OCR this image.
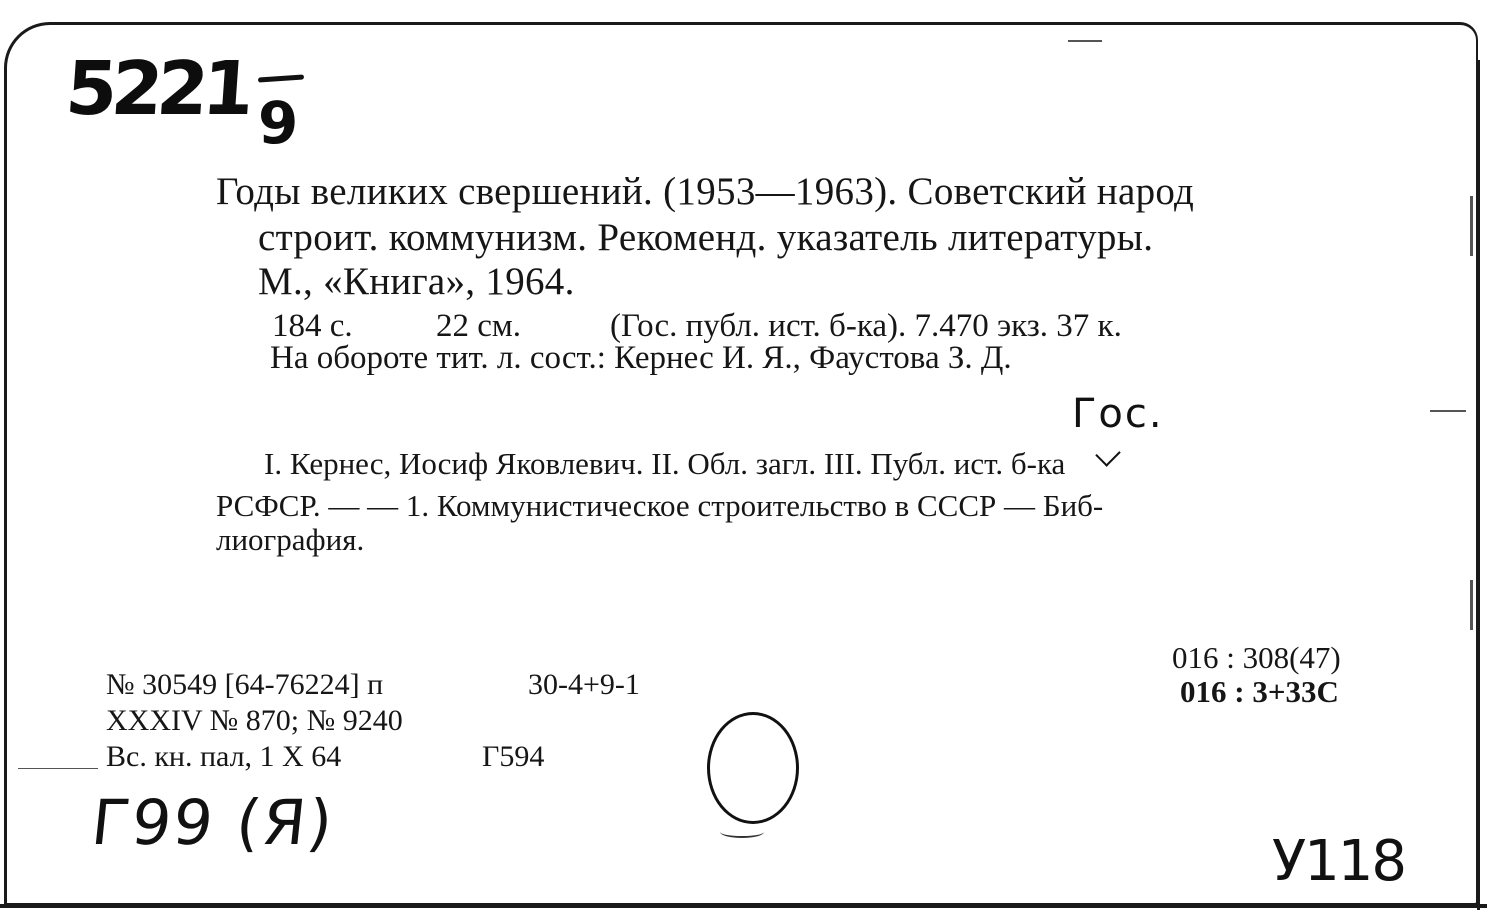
5221 9
Годы великих свершений. (1953—1963). Советский народ
строит. коммунизм. Рекоменд. указатель литературы.
М., «Книга», 1964.
184 с.	22 см.	(Гос. публ. ист. б-ка). 7.470 экз. 37 к.
На обороте тит. л. сост.: Кернес И. Я., Фаустова З. Д.
Гос.
I. Кернес, Иосиф Яковлевич. II. Обл. загл. III. Публ. ист. б-ка
РСФСР. — — 1. Коммунистическое строительство в СССР — Биб-
лиография.
016 : 308(47)
016 : 3+33С
№ 30549 [64-76224] п	30-4+9-1
XXXIV № 870; № 9240
Вс. кн. пал, 1 X 64	Г594
Г99 (Я)
У118
